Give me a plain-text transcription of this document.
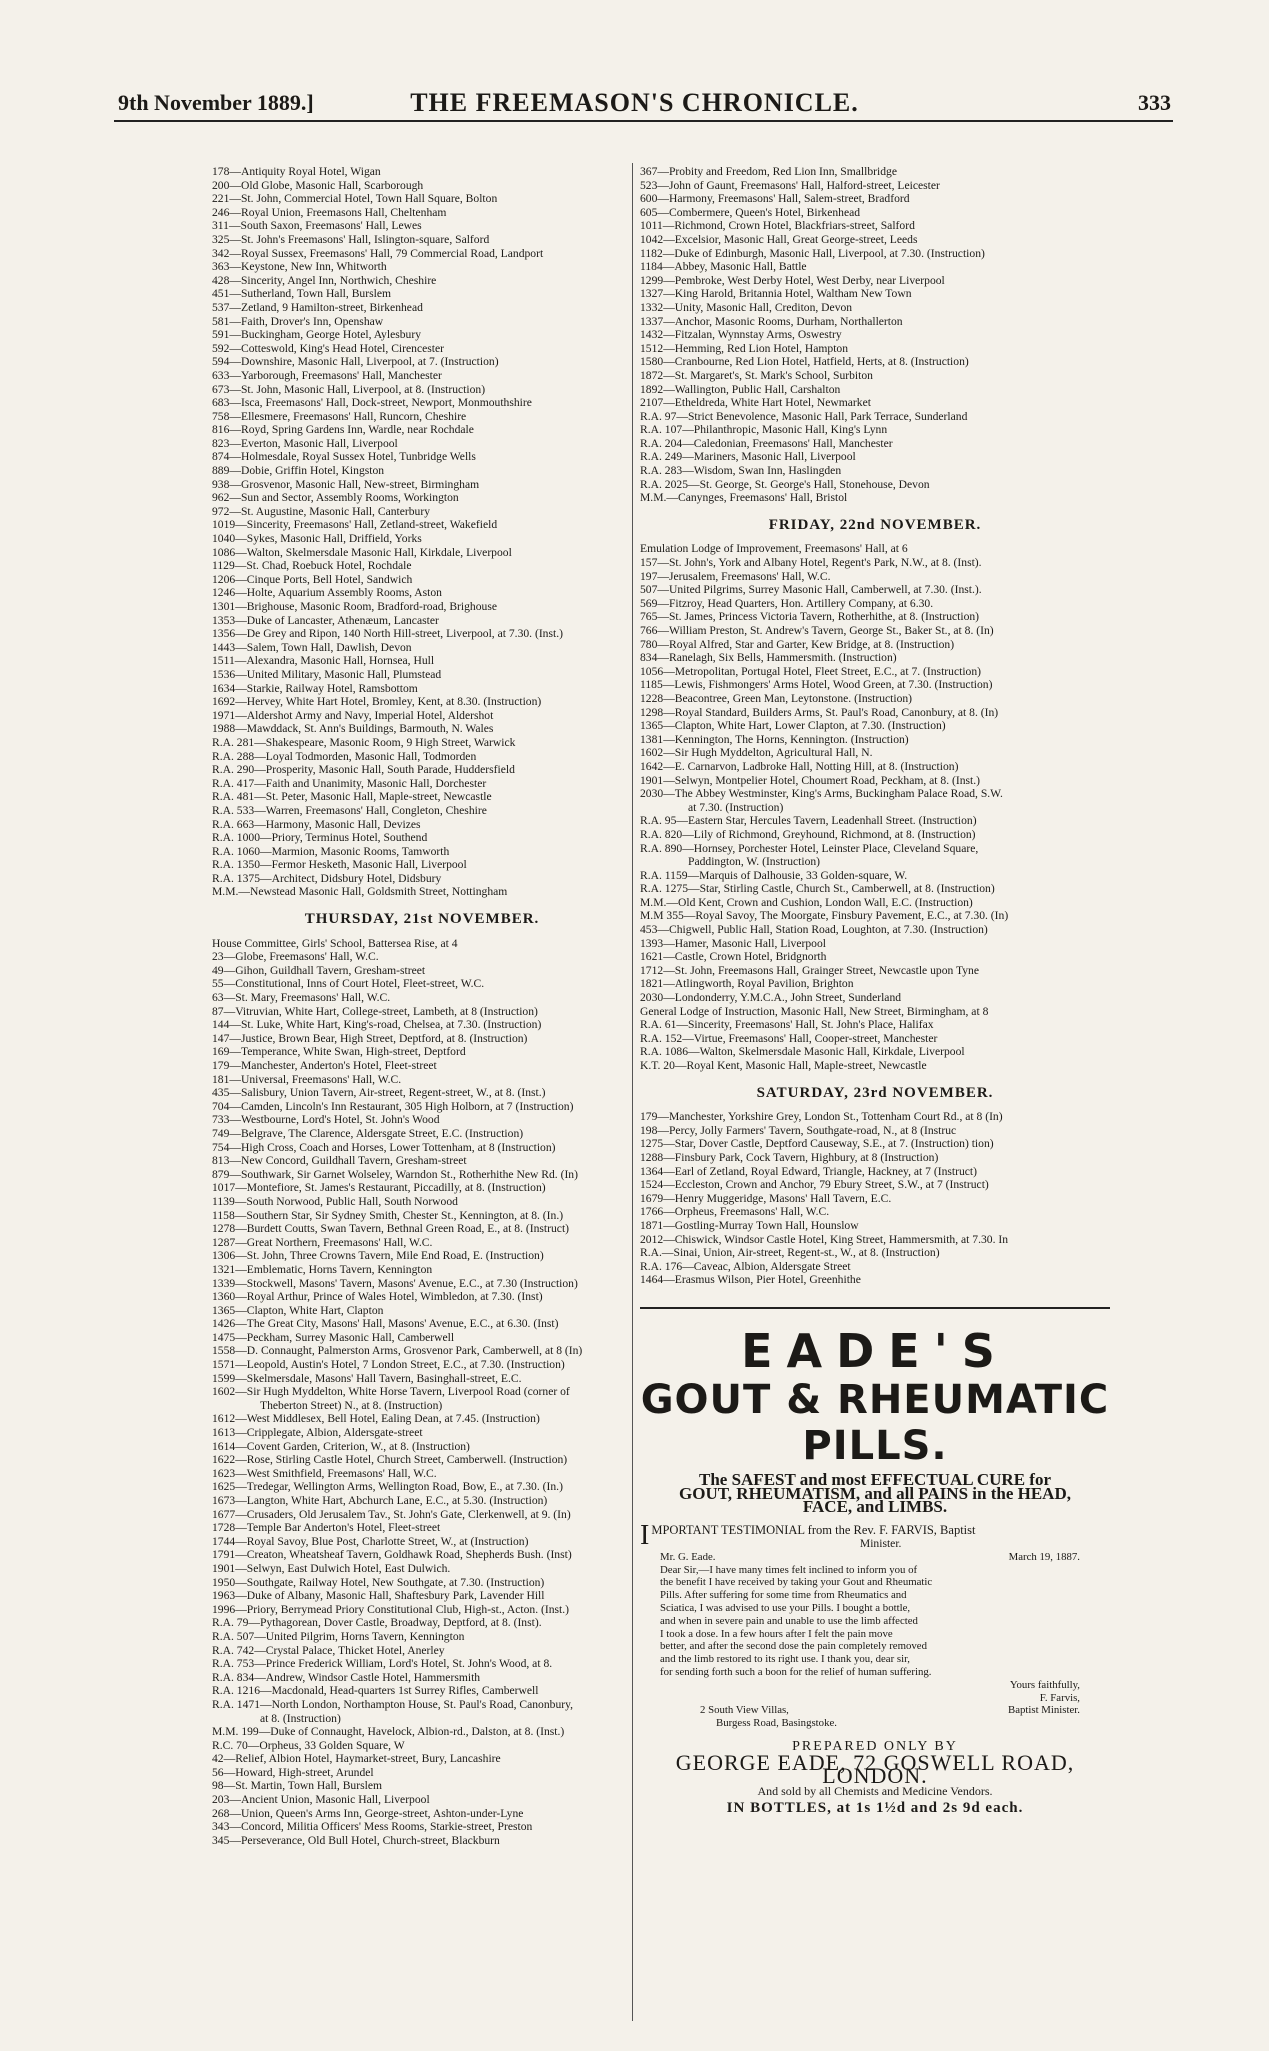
9th November 1889.]	THE FREEMASON'S CHRONICLE.	333
178—Antiquity Royal Hotel, Wigan
200—Old Globe, Masonic Hall, Scarborough
221—St. John, Commercial Hotel, Town Hall Square, Bolton
246—Royal Union, Freemasons Hall, Cheltenham
311—South Saxon, Freemasons' Hall, Lewes
325—St. John's Freemasons' Hall, Islington-square, Salford
342—Royal Sussex, Freemasons' Hall, 79 Commercial Road, Landport
363—Keystone, New Inn, Whitworth
428—Sincerity, Angel Inn, Northwich, Cheshire
451—Sutherland, Town Hall, Burslem
537—Zetland, 9 Hamilton-street, Birkenhead
581—Faith, Drover's Inn, Openshaw
591—Buckingham, George Hotel, Aylesbury
592—Cotteswold, King's Head Hotel, Cirencester
594—Downshire, Masonic Hall, Liverpool, at 7. (Instruction)
633—Yarborough, Freemasons' Hall, Manchester
673—St. John, Masonic Hall, Liverpool, at 8. (Instruction)
683—Isca, Freemasons' Hall, Dock-street, Newport, Monmouthshire
758—Ellesmere, Freemasons' Hall, Runcorn, Cheshire
816—Royd, Spring Gardens Inn, Wardle, near Rochdale
823—Everton, Masonic Hall, Liverpool
874—Holmesdale, Royal Sussex Hotel, Tunbridge Wells
889—Dobie, Griffin Hotel, Kingston
938—Grosvenor, Masonic Hall, New-street, Birmingham
962—Sun and Sector, Assembly Rooms, Workington
972—St. Augustine, Masonic Hall, Canterbury
1019—Sincerity, Freemasons' Hall, Zetland-street, Wakefield
1040—Sykes, Masonic Hall, Driffield, Yorks
1086—Walton, Skelmersdale Masonic Hall, Kirkdale, Liverpool
1129—St. Chad, Roebuck Hotel, Rochdale
1206—Cinque Ports, Bell Hotel, Sandwich
1246—Holte, Aquarium Assembly Rooms, Aston
1301—Brighouse, Masonic Room, Bradford-road, Brighouse
1353—Duke of Lancaster, Athenæum, Lancaster
1356—De Grey and Ripon, 140 North Hill-street, Liverpool, at 7.30. (Inst.)
1443—Salem, Town Hall, Dawlish, Devon
1511—Alexandra, Masonic Hall, Hornsea, Hull
1536—United Military, Masonic Hall, Plumstead
1634—Starkie, Railway Hotel, Ramsbottom
1692—Hervey, White Hart Hotel, Bromley, Kent, at 8.30. (Instruction)
1971—Aldershot Army and Navy, Imperial Hotel, Aldershot
1988—Mawddack, St. Ann's Buildings, Barmouth, N. Wales
R.A. 281—Shakespeare, Masonic Room, 9 High Street, Warwick
R.A. 288—Loyal Todmorden, Masonic Hall, Todmorden
R.A. 290—Prosperity, Masonic Hall, South Parade, Huddersfield
R.A. 417—Faith and Unanimity, Masonic Hall, Dorchester
R.A. 481—St. Peter, Masonic Hall, Maple-street, Newcastle
R.A. 533—Warren, Freemasons' Hall, Congleton, Cheshire
R.A. 663—Harmony, Masonic Hall, Devizes
R.A. 1000—Priory, Terminus Hotel, Southend
R.A. 1060—Marmion, Masonic Rooms, Tamworth
R.A. 1350—Fermor Hesketh, Masonic Hall, Liverpool
R.A. 1375—Architect, Didsbury Hotel, Didsbury
M.M.—Newstead Masonic Hall, Goldsmith Street, Nottingham
THURSDAY, 21st NOVEMBER.
House Committee, Girls' School, Battersea Rise, at 4
23—Globe, Freemasons' Hall, W.C.
49—Gihon, Guildhall Tavern, Gresham-street
55—Constitutional, Inns of Court Hotel, Fleet-street, W.C.
63—St. Mary, Freemasons' Hall, W.C.
87—Vitruvian, White Hart, College-street, Lambeth, at 8 (Instruction)
144—St. Luke, White Hart, King's-road, Chelsea, at 7.30. (Instruction)
147—Justice, Brown Bear, High Street, Deptford, at 8. (Instruction)
169—Temperance, White Swan, High-street, Deptford
179—Manchester, Anderton's Hotel, Fleet-street
181—Universal, Freemasons' Hall, W.C.
435—Salisbury, Union Tavern, Air-street, Regent-street, W., at 8. (Inst.)
704—Camden, Lincoln's Inn Restaurant, 305 High Holborn, at 7 (Instruction)
733—Westbourne, Lord's Hotel, St. John's Wood
749—Belgrave, The Clarence, Aldersgate Street, E.C. (Instruction)
754—High Cross, Coach and Horses, Lower Tottenham, at 8 (Instruction)
813—New Concord, Guildhall Tavern, Gresham-street
879—Southwark, Sir Garnet Wolseley, Warndon St., Rotherhithe New Rd. (In)
1017—Montefiore, St. James's Restaurant, Piccadilly, at 8. (Instruction)
1139—South Norwood, Public Hall, South Norwood
1158—Southern Star, Sir Sydney Smith, Chester St., Kennington, at 8. (In.)
1278—Burdett Coutts, Swan Tavern, Bethnal Green Road, E., at 8. (Instruct)
1287—Great Northern, Freemasons' Hall, W.C.
1306—St. John, Three Crowns Tavern, Mile End Road, E. (Instruction)
1321—Emblematic, Horns Tavern, Kennington
1339—Stockwell, Masons' Tavern, Masons' Avenue, E.C., at 7.30 (Instruction)
1360—Royal Arthur, Prince of Wales Hotel, Wimbledon, at 7.30. (Inst)
1365—Clapton, White Hart, Clapton
1426—The Great City, Masons' Hall, Masons' Avenue, E.C., at 6.30. (Inst)
1475—Peckham, Surrey Masonic Hall, Camberwell
1558—D. Connaught, Palmerston Arms, Grosvenor Park, Camberwell, at 8 (In)
1571—Leopold, Austin's Hotel, 7 London Street, E.C., at 7.30. (Instruction)
1599—Skelmersdale, Masons' Hall Tavern, Basinghall-street, E.C.
1602—Sir Hugh Myddelton, White Horse Tavern, Liverpool Road (corner of
Theberton Street) N., at 8. (Instruction)
1612—West Middlesex, Bell Hotel, Ealing Dean, at 7.45. (Instruction)
1613—Cripplegate, Albion, Aldersgate-street
1614—Covent Garden, Criterion, W., at 8. (Instruction)
1622—Rose, Stirling Castle Hotel, Church Street, Camberwell. (Instruction)
1623—West Smithfield, Freemasons' Hall, W.C.
1625—Tredegar, Wellington Arms, Wellington Road, Bow, E., at 7.30. (In.)
1673—Langton, White Hart, Abchurch Lane, E.C., at 5.30. (Instruction)
1677—Crusaders, Old Jerusalem Tav., St. John's Gate, Clerkenwell, at 9. (In)
1728—Temple Bar Anderton's Hotel, Fleet-street
1744—Royal Savoy, Blue Post, Charlotte Street, W., at (Instruction)
1791—Creaton, Wheatsheaf Tavern, Goldhawk Road, Shepherds Bush. (Inst)
1901—Selwyn, East Dulwich Hotel, East Dulwich.
1950—Southgate, Railway Hotel, New Southgate, at 7.30. (Instruction)
1963—Duke of Albany, Masonic Hall, Shaftesbury Park, Lavender Hill
1996—Priory, Berrymead Priory Constitutional Club, High-st., Acton. (Inst.)
R.A. 79—Pythagorean, Dover Castle, Broadway, Deptford, at 8. (Inst).
R.A. 507—United Pilgrim, Horns Tavern, Kennington
R.A. 742—Crystal Palace, Thicket Hotel, Anerley
R.A. 753—Prince Frederick William, Lord's Hotel, St. John's Wood, at 8.
R.A. 834—Andrew, Windsor Castle Hotel, Hammersmith
R.A. 1216—Macdonald, Head-quarters 1st Surrey Rifles, Camberwell
R.A. 1471—North London, Northampton House, St. Paul's Road, Canonbury,
at 8. (Instruction)
M.M. 199—Duke of Connaught, Havelock, Albion-rd., Dalston, at 8. (Inst.)
R.C. 70—Orpheus, 33 Golden Square, W
42—Relief, Albion Hotel, Haymarket-street, Bury, Lancashire
56—Howard, High-street, Arundel
98—St. Martin, Town Hall, Burslem
203—Ancient Union, Masonic Hall, Liverpool
268—Union, Queen's Arms Inn, George-street, Ashton-under-Lyne
343—Concord, Militia Officers' Mess Rooms, Starkie-street, Preston
345—Perseverance, Old Bull Hotel, Church-street, Blackburn
367—Probity and Freedom, Red Lion Inn, Smallbridge
523—John of Gaunt, Freemasons' Hall, Halford-street, Leicester
600—Harmony, Freemasons' Hall, Salem-street, Bradford
605—Combermere, Queen's Hotel, Birkenhead
1011—Richmond, Crown Hotel, Blackfriars-street, Salford
1042—Excelsior, Masonic Hall, Great George-street, Leeds
1182—Duke of Edinburgh, Masonic Hall, Liverpool, at 7.30. (Instruction)
1184—Abbey, Masonic Hall, Battle
1299—Pembroke, West Derby Hotel, West Derby, near Liverpool
1327—King Harold, Britannia Hotel, Waltham New Town
1332—Unity, Masonic Hall, Crediton, Devon
1337—Anchor, Masonic Rooms, Durham, Northallerton
1432—Fitzalan, Wynnstay Arms, Oswestry
1512—Hemming, Red Lion Hotel, Hampton
1580—Cranbourne, Red Lion Hotel, Hatfield, Herts, at 8. (Instruction)
1872—St. Margaret's, St. Mark's School, Surbiton
1892—Wallington, Public Hall, Carshalton
2107—Etheldreda, White Hart Hotel, Newmarket
R.A. 97—Strict Benevolence, Masonic Hall, Park Terrace, Sunderland
R.A. 107—Philanthropic, Masonic Hall, King's Lynn
R.A. 204—Caledonian, Freemasons' Hall, Manchester
R.A. 249—Mariners, Masonic Hall, Liverpool
R.A. 283—Wisdom, Swan Inn, Haslingden
R.A. 2025—St. George, St. George's Hall, Stonehouse, Devon
M.M.—Canynges, Freemasons' Hall, Bristol
FRIDAY, 22nd NOVEMBER.
Emulation Lodge of Improvement, Freemasons' Hall, at 6
157—St. John's, York and Albany Hotel, Regent's Park, N.W., at 8. (Inst).
197—Jerusalem, Freemasons' Hall, W.C.
507—United Pilgrims, Surrey Masonic Hall, Camberwell, at 7.30. (Inst.).
569—Fitzroy, Head Quarters, Hon. Artillery Company, at 6.30.
765—St. James, Princess Victoria Tavern, Rotherhithe, at 8. (Instruction)
766—William Preston, St. Andrew's Tavern, George St., Baker St., at 8. (In)
780—Royal Alfred, Star and Garter, Kew Bridge, at 8. (Instruction)
834—Ranelagh, Six Bells, Hammersmith. (Instruction)
1056—Metropolitan, Portugal Hotel, Fleet Street, E.C., at 7. (Instruction)
1185—Lewis, Fishmongers' Arms Hotel, Wood Green, at 7.30. (Instruction)
1228—Beacontree, Green Man, Leytonstone. (Instruction)
1298—Royal Standard, Builders Arms, St. Paul's Road, Canonbury, at 8. (In)
1365—Clapton, White Hart, Lower Clapton, at 7.30. (Instruction)
1381—Kennington, The Horns, Kennington. (Instruction)
1602—Sir Hugh Myddelton, Agricultural Hall, N.
1642—E. Carnarvon, Ladbroke Hall, Notting Hill, at 8. (Instruction)
1901—Selwyn, Montpelier Hotel, Choumert Road, Peckham, at 8. (Inst.)
2030—The Abbey Westminster, King's Arms, Buckingham Palace Road, S.W.
at 7.30. (Instruction)
R.A. 95—Eastern Star, Hercules Tavern, Leadenhall Street. (Instruction)
R.A. 820—Lily of Richmond, Greyhound, Richmond, at 8. (Instruction)
R.A. 890—Hornsey, Porchester Hotel, Leinster Place, Cleveland Square,
Paddington, W. (Instruction)
R.A. 1159—Marquis of Dalhousie, 33 Golden-square, W.
R.A. 1275—Star, Stirling Castle, Church St., Camberwell, at 8. (Instruction)
M.M.—Old Kent, Crown and Cushion, London Wall, E.C. (Instruction)
M.M 355—Royal Savoy, The Moorgate, Finsbury Pavement, E.C., at 7.30. (In)
453—Chigwell, Public Hall, Station Road, Loughton, at 7.30. (Instruction)
1393—Hamer, Masonic Hall, Liverpool
1621—Castle, Crown Hotel, Bridgnorth
1712—St. John, Freemasons Hall, Grainger Street, Newcastle upon Tyne
1821—Atlingworth, Royal Pavilion, Brighton
2030—Londonderry, Y.M.C.A., John Street, Sunderland
General Lodge of Instruction, Masonic Hall, New Street, Birmingham, at 8
R.A. 61—Sincerity, Freemasons' Hall, St. John's Place, Halifax
R.A. 152—Virtue, Freemasons' Hall, Cooper-street, Manchester
R.A. 1086—Walton, Skelmersdale Masonic Hall, Kirkdale, Liverpool
K.T. 20—Royal Kent, Masonic Hall, Maple-street, Newcastle
SATURDAY, 23rd NOVEMBER.
179—Manchester, Yorkshire Grey, London St., Tottenham Court Rd., at 8 (In)
198—Percy, Jolly Farmers' Tavern, Southgate-road, N., at 8 (Instruc
1275—Star, Dover Castle, Deptford Causeway, S.E., at 7. (Instruction) tion)
1288—Finsbury Park, Cock Tavern, Highbury, at 8 (Instruction)
1364—Earl of Zetland, Royal Edward, Triangle, Hackney, at 7 (Instruct)
1524—Eccleston, Crown and Anchor, 79 Ebury Street, S.W., at 7 (Instruct)
1679—Henry Muggeridge, Masons' Hall Tavern, E.C.
1766—Orpheus, Freemasons' Hall, W.C.
1871—Gostling-Murray Town Hall, Hounslow
2012—Chiswick, Windsor Castle Hotel, King Street, Hammersmith, at 7.30. In
R.A.—Sinai, Union, Air-street, Regent-st., W., at 8. (Instruction)
R.A. 176—Caveac, Albion, Aldersgate Street
1464—Erasmus Wilson, Pier Hotel, Greenhithe
EADE'S
GOUT & RHEUMATIC PILLS.
The SAFEST and most EFFECTUAL CURE for
GOUT, RHEUMATISM, and all PAINS in the HEAD,
FACE, and LIMBS.
IMPORTANT TESTIMONIAL from the Rev. F. FARVIS, Baptist
Minister.
Mr. G. Eade.	March 19, 1887.
Dear Sir,—I have many times felt inclined to inform you of
the benefit I have received by taking your Gout and Rheumatic
Pills. After suffering for some time from Rheumatics and
Sciatica, I was advised to use your Pills. I bought a bottle,
and when in severe pain and unable to use the limb affected
I took a dose. In a few hours after I felt the pain move
better, and after the second dose the pain completely removed
and the limb restored to its right use. I thank you, dear sir,
for sending forth such a boon for the relief of human suffering.
Yours faithfully,
F. Farvis,
2 South View Villas,	Baptist Minister.
Burgess Road, Basingstoke.
PREPARED ONLY BY
GEORGE EADE, 72 GOSWELL ROAD, LONDON.
And sold by all Chemists and Medicine Vendors.
IN BOTTLES, at 1s 1½d and 2s 9d each.
